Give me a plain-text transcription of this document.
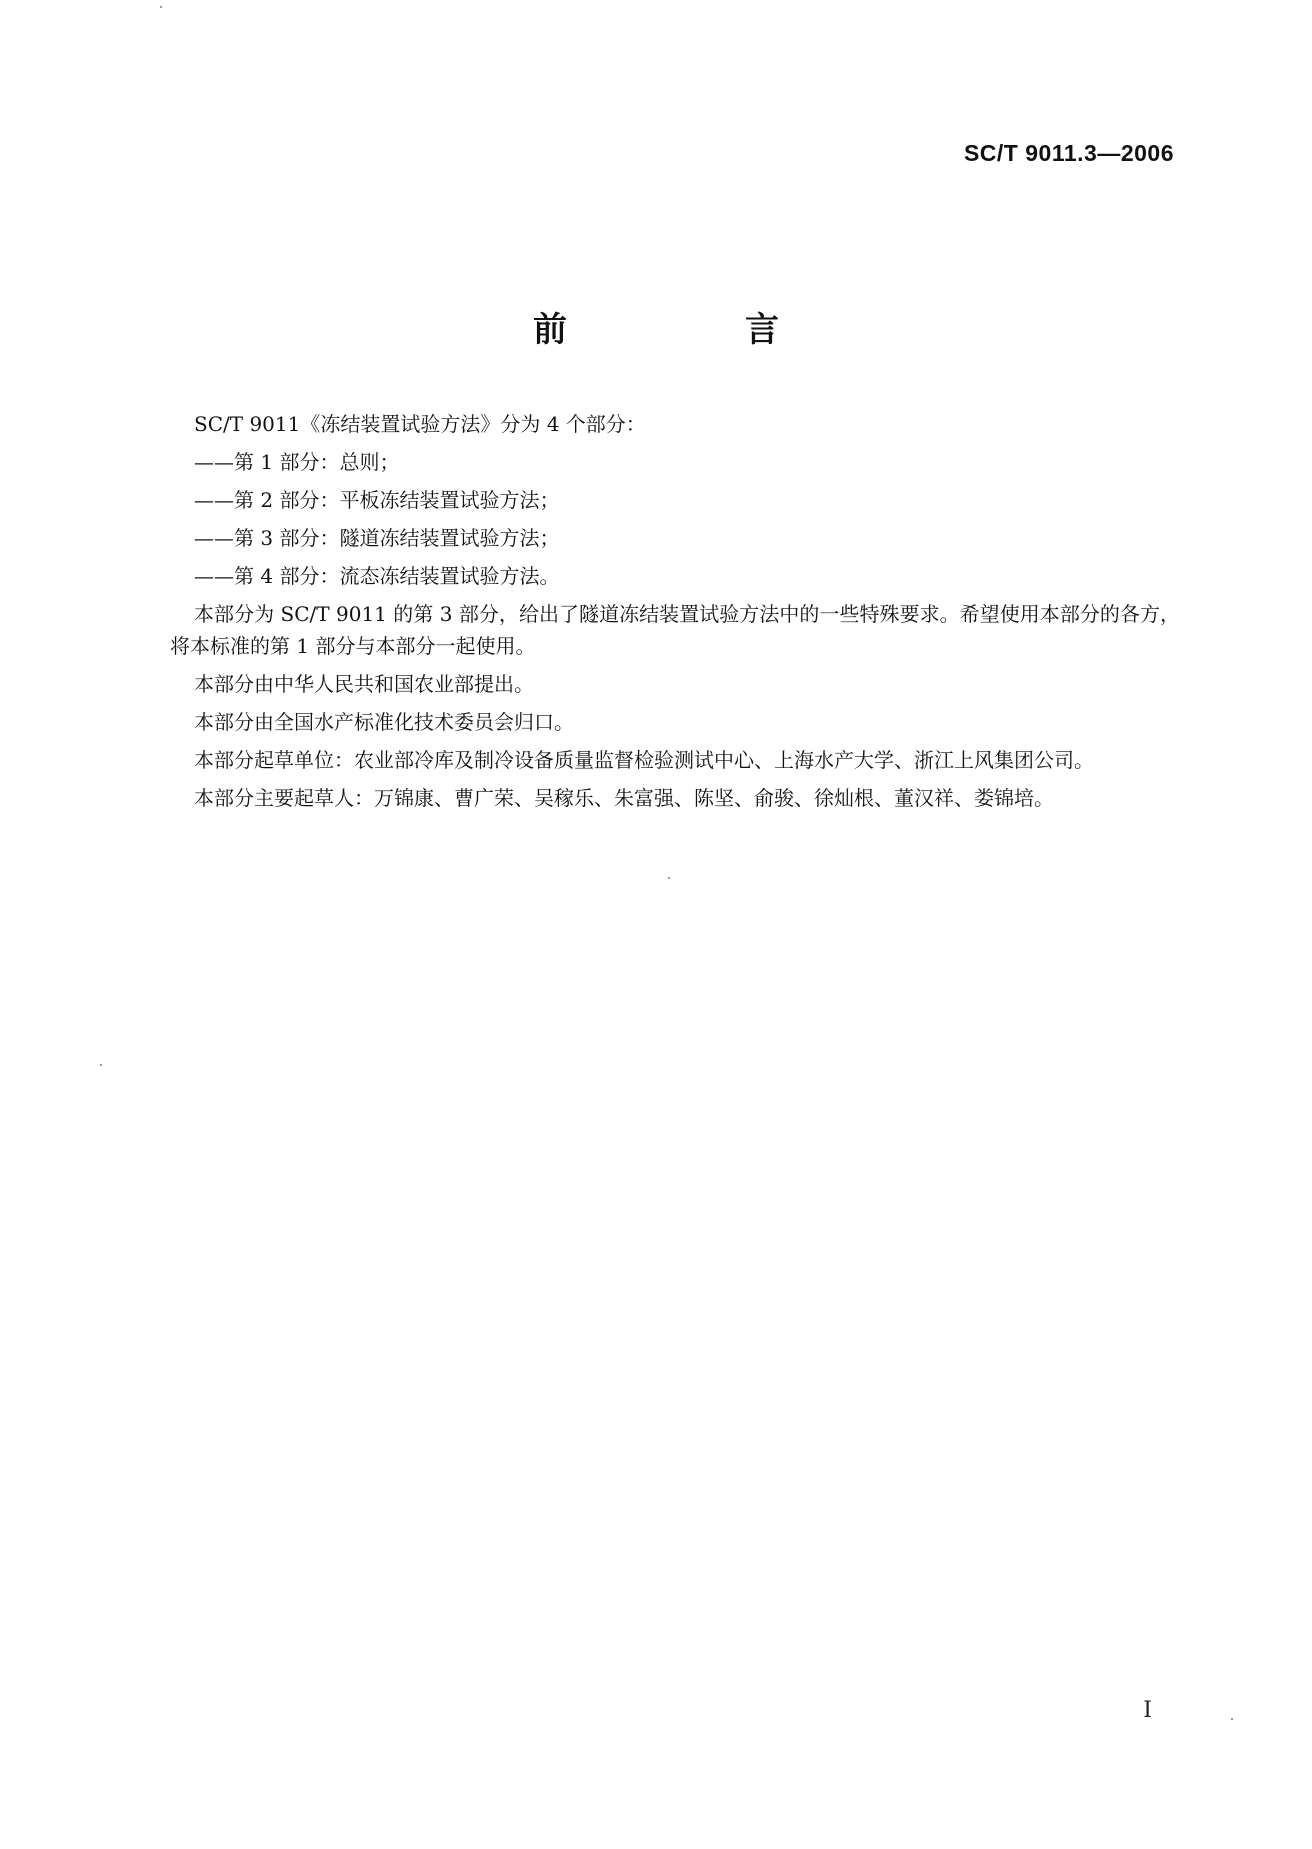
SC/T 9011.3—2006
前　言

SC/T 9011《冻结装置试验方法》分为 4 个部分：

——第 1 部分：总则；
——第 2 部分：平板冻结装置试验方法；
——第 3 部分：隧道冻结装置试验方法；
——第 4 部分：流态冻结装置试验方法。

本部分为 SC/T 9011 的第 3 部分，给出了隧道冻结装置试验方法中的一些特殊要求。希望使用本部分的各方，将本标准的第 1 部分与本部分一起使用。

本部分由中华人民共和国农业部提出。

本部分由全国水产标准化技术委员会归口。

本部分起草单位：农业部冷库及制冷设备质量监督检验测试中心、上海水产大学、浙江上风集团公司。

本部分主要起草人：万锦康、曹广荣、吴稼乐、朱富强、陈坚、俞骏、徐灿根、董汉祥、娄锦培。

I
